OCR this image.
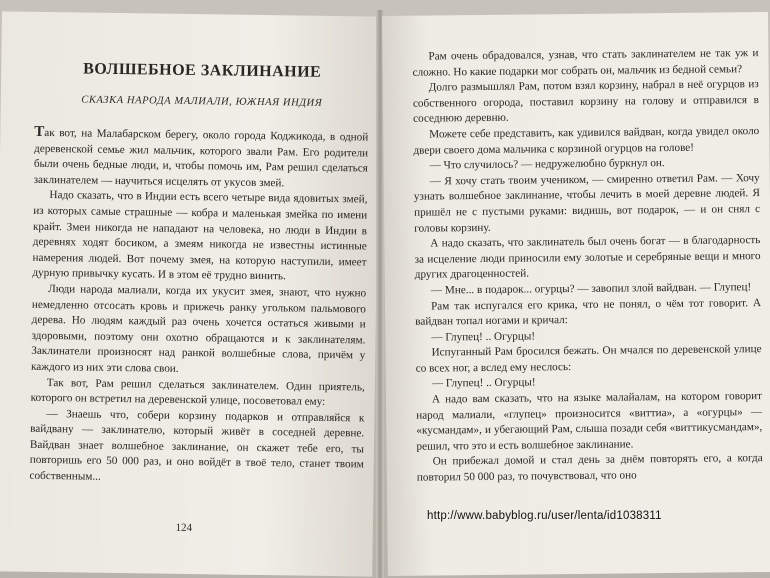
ВОЛШЕБНОЕ ЗАКЛИНАНИЕ
СКАЗКА НАРОДА МАЛИАЛИ, ЮЖНАЯ ИНДИЯ

Так вот, на Малабарском берегу, около города Коджикода, в одной деревенской семье жил мальчик, которого звали Рам. Его родители были очень бедные люди, и, чтобы помочь им, Рам решил сделаться заклинателем — научиться исцелять от укусов змей.

Надо сказать, что в Индии есть всего четыре вида ядовитых змей, из которых самые страшные — кобра и маленькая змейка по имени крайт. Змеи никогда не нападают на человека, но люди в Индии в деревнях ходят босиком, а змеям никогда не известны истинные намерения людей. Вот почему змея, на которую наступили, имеет дурную привычку кусать. И в этом её трудно винить.

Люди народа малиали, когда их укусит змея, знают, что нужно немедленно отсосать кровь и прижечь ранку угольком пальмового дерева. Но людям каждый раз очень хочется остаться живыми и здоровыми, поэтому они охотно обращаются и к заклинателям. Заклинатели произносят над ранкой волшебные слова, причём у каждого из них эти слова свои.

Так вот, Рам решил сделаться заклинателем. Один приятель, которого он встретил на деревенской улице, посоветовал ему:

— Знаешь что, собери корзину подарков и отправляйся к вайдвану — заклинателю, который живёт в соседней деревне. Вайдван знает волшебное заклинание, он скажет тебе его, ты повторишь его 50 000 раз, и оно войдёт в твоё тело, станет твоим собственным...

124

Рам очень обрадовался, узнав, что стать заклинателем не так уж и сложно. Но какие подарки мог собрать он, мальчик из бедной семьи?

Долго размышлял Рам, потом взял корзину, набрал в неё огурцов из собственного огорода, поставил корзину на голову и отправился в соседнюю деревню.

Можете себе представить, как удивился вайдван, когда увидел около двери своего дома мальчика с корзиной огурцов на голове!

— Что случилось? — недружелюбно буркнул он.

— Я хочу стать твоим учеником, — смиренно ответил Рам. — Хочу узнать волшебное заклинание, чтобы лечить в моей деревне людей. Я пришёл не с пустыми руками: видишь, вот подарок, — и он снял с головы корзину.

А надо сказать, что заклинатель был очень богат — в благодарность за исцеление люди приносили ему золотые и серебряные вещи и много других драгоценностей.

— Мне... в подарок... огурцы? — завопил злой вайдван. — Глупец!

Рам так испугался его крика, что не понял, о чём тот говорит. А вайдван топал ногами и кричал:

— Глупец! .. Огурцы!

Испуганный Рам бросился бежать. Он мчался по деревенской улице со всех ног, а вслед ему неслось:

— Глупец! .. Огурцы!

А надо вам сказать, что на языке малайалам, на котором говорит народ малиали, «глупец» произносится «виттиа», а «огурцы» — «кусмандам», и убегающий Рам, слыша позади себя «виттикусмандам», решил, что это и есть волшебное заклинание.

Он прибежал домой и стал день за днём повторять его, а когда повторил 50 000 раз, то почувствовал, что оно

http://www.babyblog.ru/user/lenta/id1038311
